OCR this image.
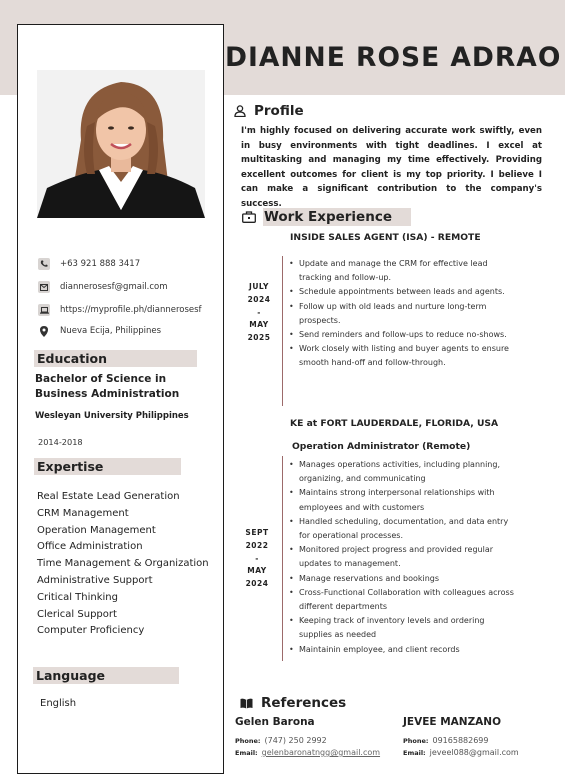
+63 921 888 3417
diannerosesf@gmail.com
https://myprofile.ph/diannerosesf
Nueva Ecija, Philippines
Education
Bachelor of Science in Business Administration
Wesleyan University Philippines
2014-2018
Expertise
Real Estate Lead Generation
CRM Management
Operation Management
Office Administration
Time Management & Organization
Administrative Support
Critical Thinking
Clerical Support
Computer Proficiency
Language
English
DIANNE ROSE ADRAO
Profile
I'm highly focused on delivering accurate work swiftly, even in busy environments with tight deadlines. I excel at multitasking and managing my time effectively. Providing excellent outcomes for client is my top priority. I believe I can make a significant contribution to the company's success.
Work Experience
INSIDE SALES AGENT (ISA) - REMOTE
JULY
2024
-
MAY
2025
• Update and manage the CRM for effective lead tracking and follow-up.
• Schedule appointments between leads and agents.
• Follow up with old leads and nurture long-term prospects.
• Send reminders and follow-ups to reduce no-shows.
• Work closely with listing and buyer agents to ensure smooth hand-off and follow-through.
KE at FORT LAUDERDALE, FLORIDA, USA
Operation Administrator (Remote)
SEPT
2022
-
MAY
2024
• Manages operations activities, including planning, organizing, and communicating
• Maintains strong interpersonal relationships with employees and with customers
• Handled scheduling, documentation, and data entry for operational processes.
• Monitored project progress and provided regular updates to management.
• Manage reservations and bookings
• Cross-Functional Collaboration with colleagues across different departments
• Keeping track of inventory levels and ordering supplies as needed
• Maintainin employee, and client records
References
Gelen Barona
Phone: (747) 250 2992
Email: gelenbaronatngg@gmail.com
JEVEE MANZANO
Phone: 09165882699
Email: jeveel088@gmail.com
